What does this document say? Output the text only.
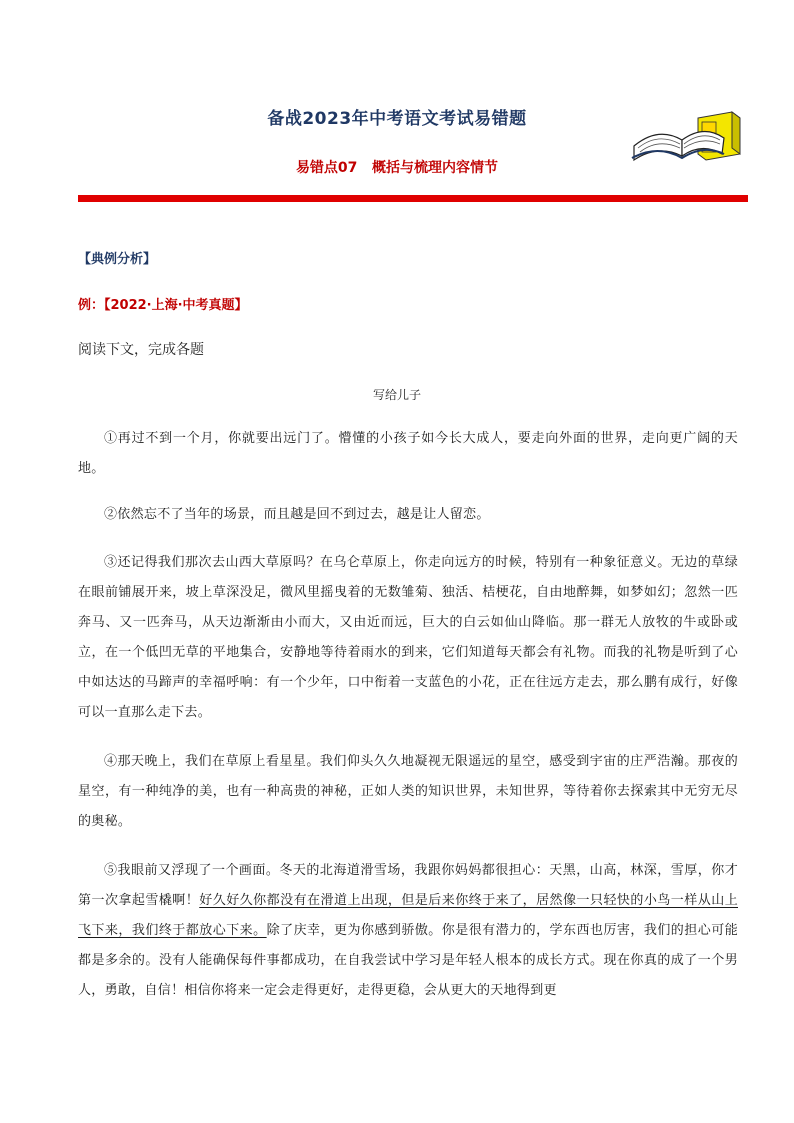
备战2023年中考语文考试易错题
易错点07   概括与梳理内容情节
【典例分析】
例：【2022·上海·中考真题】
阅读下文，完成各题
写给儿子
①再过不到一个月，你就要出远门了。懵懂的小孩子如今长大成人，要走向外面的世界，走向更广阔的天地。
②依然忘不了当年的场景，而且越是回不到过去，越是让人留恋。
③还记得我们那次去山西大草原吗？在乌仑草原上，你走向远方的时候，特别有一种象征意义。无边的草绿在眼前铺展开来，坡上草深没足，微风里摇曳着的无数雏菊、独活、桔梗花，自由地醉舞，如梦如幻；忽然一匹奔马、又一匹奔马，从天边渐渐由小而大，又由近而远，巨大的白云如仙山降临。那一群无人放牧的牛或卧或立，在一个低凹无草的平地集合，安静地等待着雨水的到来，它们知道每天都会有礼物。而我的礼物是听到了心中如达达的马蹄声的幸福呼响：有一个少年，口中衔着一支蓝色的小花，正在往远方走去，那么鹏有成行，好像可以一直那么走下去。
④那天晚上，我们在草原上看星星。我们仰头久久地凝视无限遥远的星空，感受到宇宙的庄严浩瀚。那夜的星空，有一种纯净的美，也有一种高贵的神秘，正如人类的知识世界，未知世界，等待着你去探索其中无穷无尽的奥秘。
⑤我眼前又浮现了一个画面。冬天的北海道滑雪场，我跟你妈妈都很担心：天黑，山高，林深，雪厚，你才第一次拿起雪橇啊！好久好久你都没有在滑道上出现，但是后来你终于来了，居然像一只轻快的小鸟一样从山上飞下来，我们终于都放心下来。除了庆幸，更为你感到骄傲。你是很有潜力的，学东西也厉害，我们的担心可能都是多余的。没有人能确保每件事都成功，在自我尝试中学习是年轻人根本的成长方式。现在你真的成了一个男人，勇敢，自信！相信你将来一定会走得更好，走得更稳，会从更大的天地得到更
